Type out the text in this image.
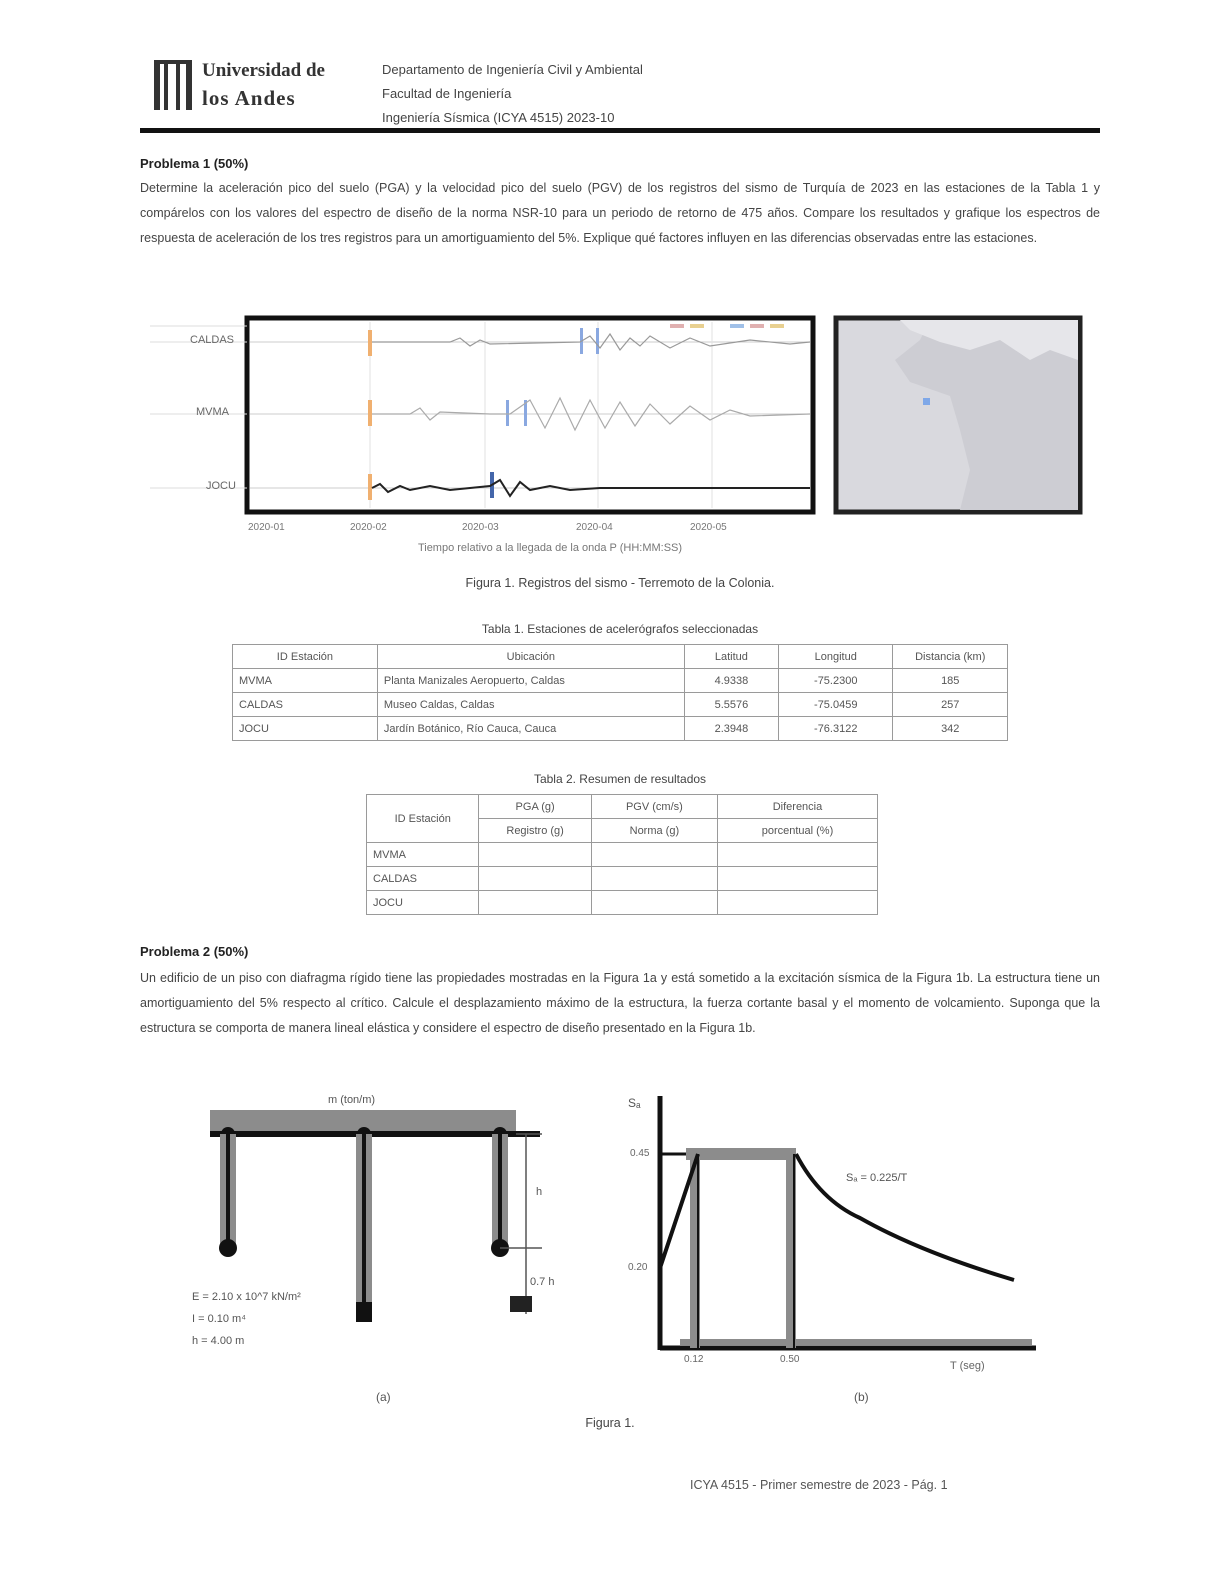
Universidad de
los Andes
Departamento de Ingeniería Civil y Ambiental
Facultad de Ingeniería
Ingeniería Sísmica (ICYA 4515) 2023-10
Problema 1 (50%)
Determine la aceleración pico del suelo (PGA) y la velocidad pico del suelo (PGV) de los registros del sismo de Turquía de 2023 en las estaciones de la Tabla 1 y compárelos con los valores del espectro de diseño de la norma NSR-10 para un periodo de retorno de 475 años. Compare los resultados y grafique los espectros de respuesta de aceleración de los tres registros para un amortiguamiento del 5%. Explique qué factores influyen en las diferencias observadas entre las estaciones.
CALDAS
MVMA
JOCU
2020-01	2020-02	2020-03	2020-04	2020-05
Tiempo relativo a la llegada de la onda P (HH:MM:SS)
Figura 1. Registros del sismo - Terremoto de la Colonia.
Tabla 1. Estaciones de acelerógrafos seleccionadas
ID Estación	Ubicación	Latitud	Longitud	Distancia (km)
MVMA	Planta Manizales Aeropuerto, Caldas	4.9338	-75.2300	185
CALDAS	Museo Caldas, Caldas	5.5576	-75.0459	257
JOCU	Jardín Botánico, Río Cauca, Cauca	2.3948	-76.3122	342
Tabla 2. Resumen de resultados
ID Estación	PGA (g)	PGV (cm/s)	Diferencia
	Registro (g)	Norma (g)	porcentual (%)
MVMA			
CALDAS			
JOCU			
Problema 2 (50%)
Un edificio de un piso con diafragma rígido tiene las propiedades mostradas en la Figura 1a y está sometido a la excitación sísmica de la Figura 1b. La estructura tiene un amortiguamiento del 5% respecto al crítico. Calcule el desplazamiento máximo de la estructura, la fuerza cortante basal y el momento de volcamiento. Suponga que la estructura se comporta de manera lineal elástica y considere el espectro de diseño presentado en la Figura 1b.
m (ton/m)
h
0.7 h
E = 2.10 x 10^7 kN/m²
I = 0.10 m⁴
h = 4.00 m
(a)
Sₐ
0.45
0.20
0.12	0.50
T (seg)
Sₐ = 0.225/T
(b)
Figura 1.
ICYA 4515 - Primer semestre de 2023 - Pág. 1
